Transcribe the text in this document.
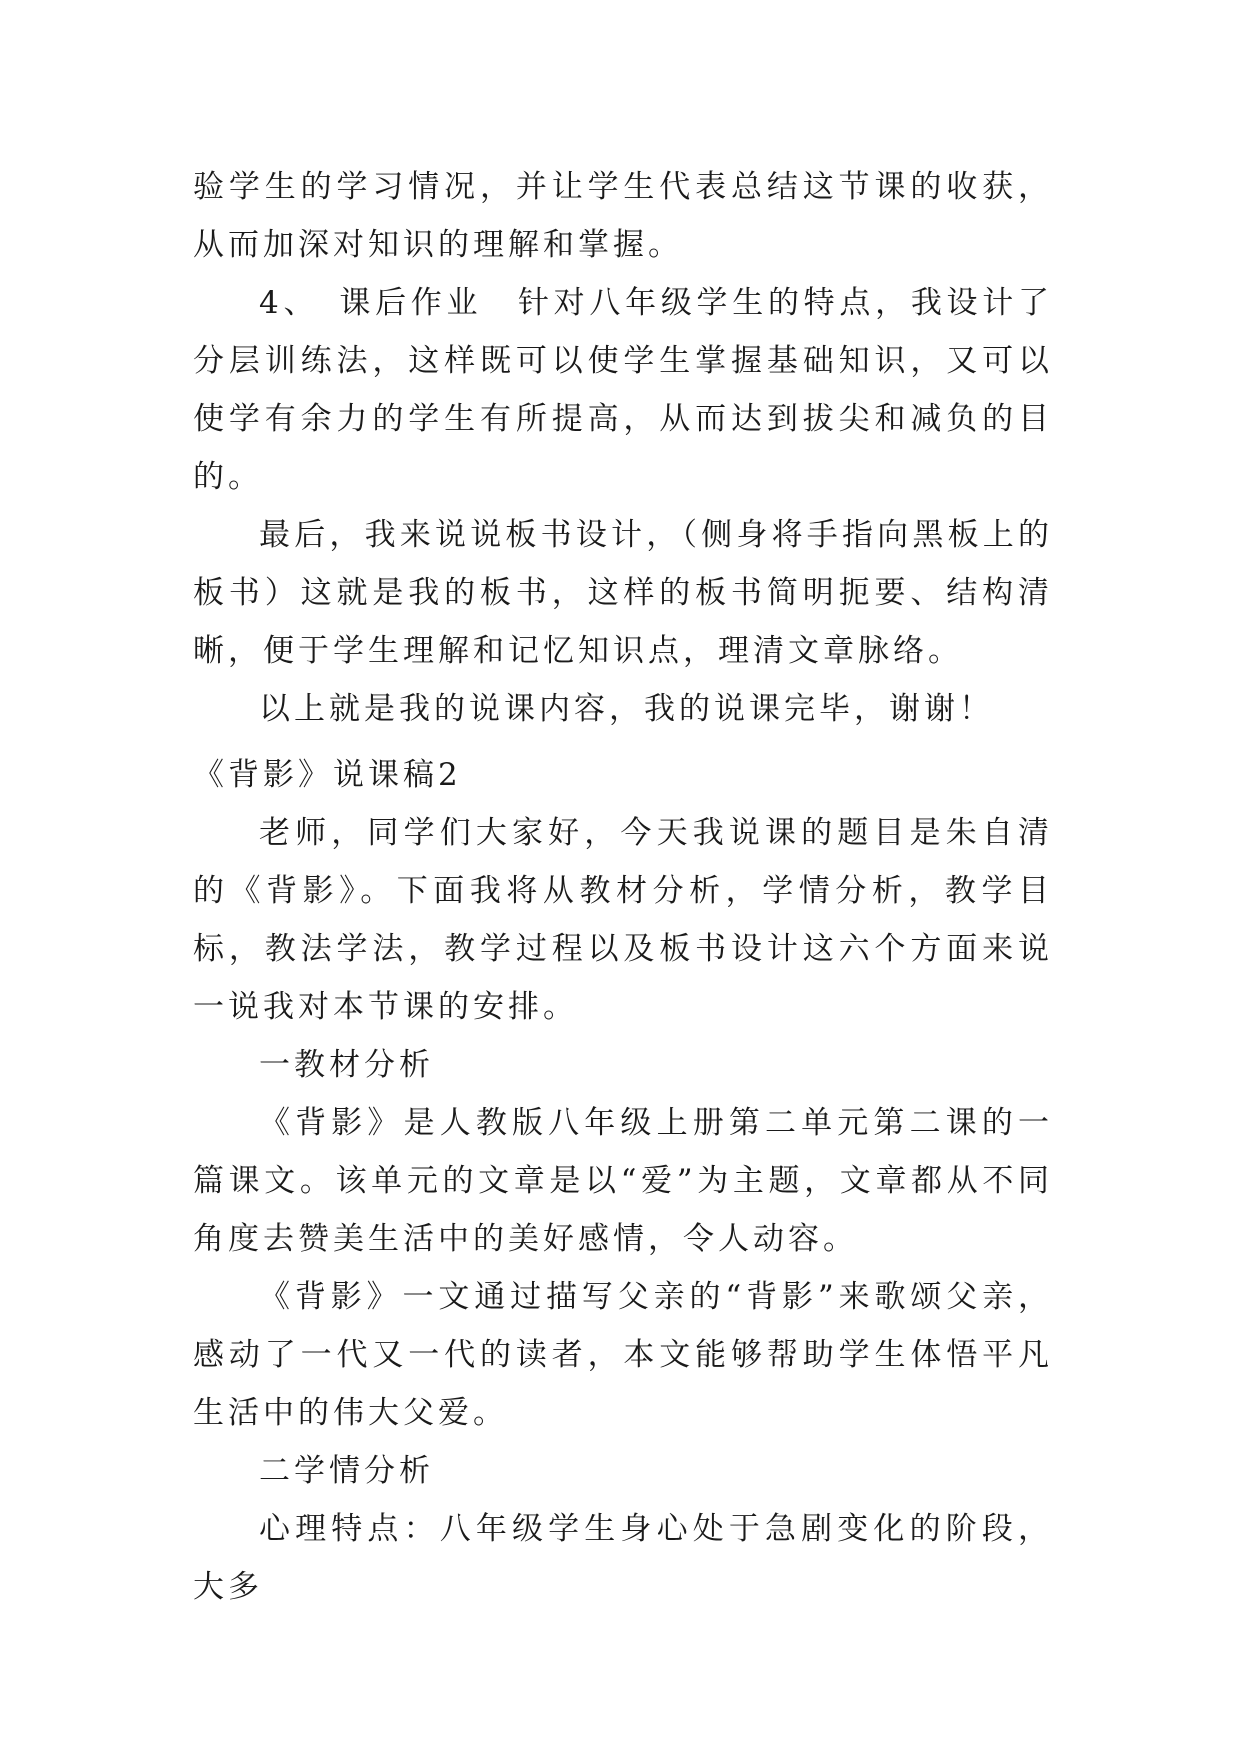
验学生的学习情况，并让学生代表总结这节课的收获，从而加深对知识的理解和掌握。

4、　课后作业　针对八年级学生的特点，我设计了分层训练法，这样既可以使学生掌握基础知识，又可以使学有余力的学生有所提高，从而达到拔尖和减负的目的。

最后，我来说说板书设计，（侧身将手指向黑板上的板书）这就是我的板书，这样的板书简明扼要、结构清晰，便于学生理解和记忆知识点，理清文章脉络。

以上就是我的说课内容，我的说课完毕，谢谢！

《背影》说课稿2

老师，同学们大家好，今天我说课的题目是朱自清的《背影》。下面我将从教材分析，学情分析，教学目标，教法学法，教学过程以及板书设计这六个方面来说一说我对本节课的安排。

一教材分析

《背影》是人教版八年级上册第二单元第二课的一篇课文。该单元的文章是以“爱”为主题，文章都从不同角度去赞美生活中的美好感情，令人动容。

《背影》一文通过描写父亲的“背影”来歌颂父亲，感动了一代又一代的读者，本文能够帮助学生体悟平凡生活中的伟大父爱。

二学情分析

心理特点：八年级学生身心处于急剧变化的阶段，大多
